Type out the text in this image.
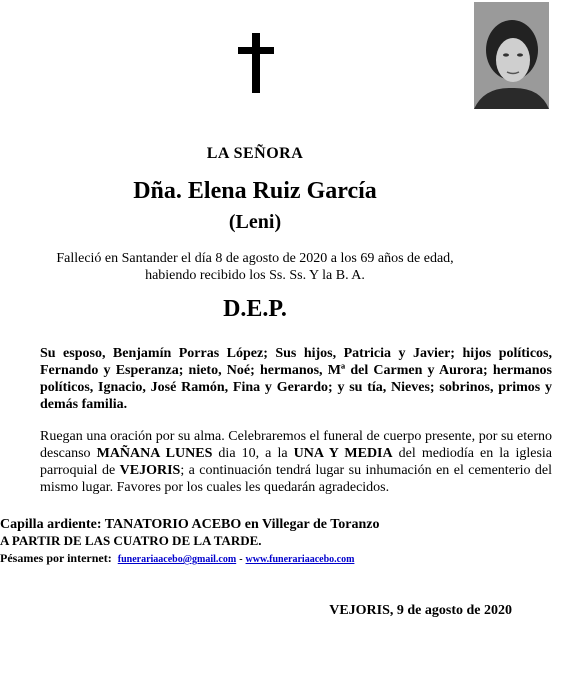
LA SEÑORA
Dña. Elena Ruiz García
(Leni)
Falleció en Santander el día 8 de agosto de 2020 a los 69 años de edad,
habiendo recibido los Ss. Ss. Y la B. A.
D.E.P.
Su esposo, Benjamín Porras López; Sus hijos, Patricia y Javier; hijos políticos, Fernando y Esperanza; nieto, Noé; hermanos, Mª del Carmen y Aurora; hermanos políticos, Ignacio, José Ramón, Fina y Gerardo; y su tía, Nieves; sobrinos, primos y demás familia.
Ruegan una oración por su alma. Celebraremos el funeral de cuerpo presente, por su eterno descanso MAÑANA LUNES dia 10, a la UNA Y MEDIA del mediodía en la iglesia parroquial de VEJORIS; a continuación tendrá lugar su inhumación en el cementerio del mismo lugar. Favores por los cuales les quedarán agradecidos.
Capilla ardiente: TANATORIO ACEBO en Villegar de Toranzo
A PARTIR DE LAS CUATRO DE LA TARDE.
Pésames por internet: funerariaacebo@gmail.com - www.funerariaacebo.com
VEJORIS, 9 de agosto de 2020
